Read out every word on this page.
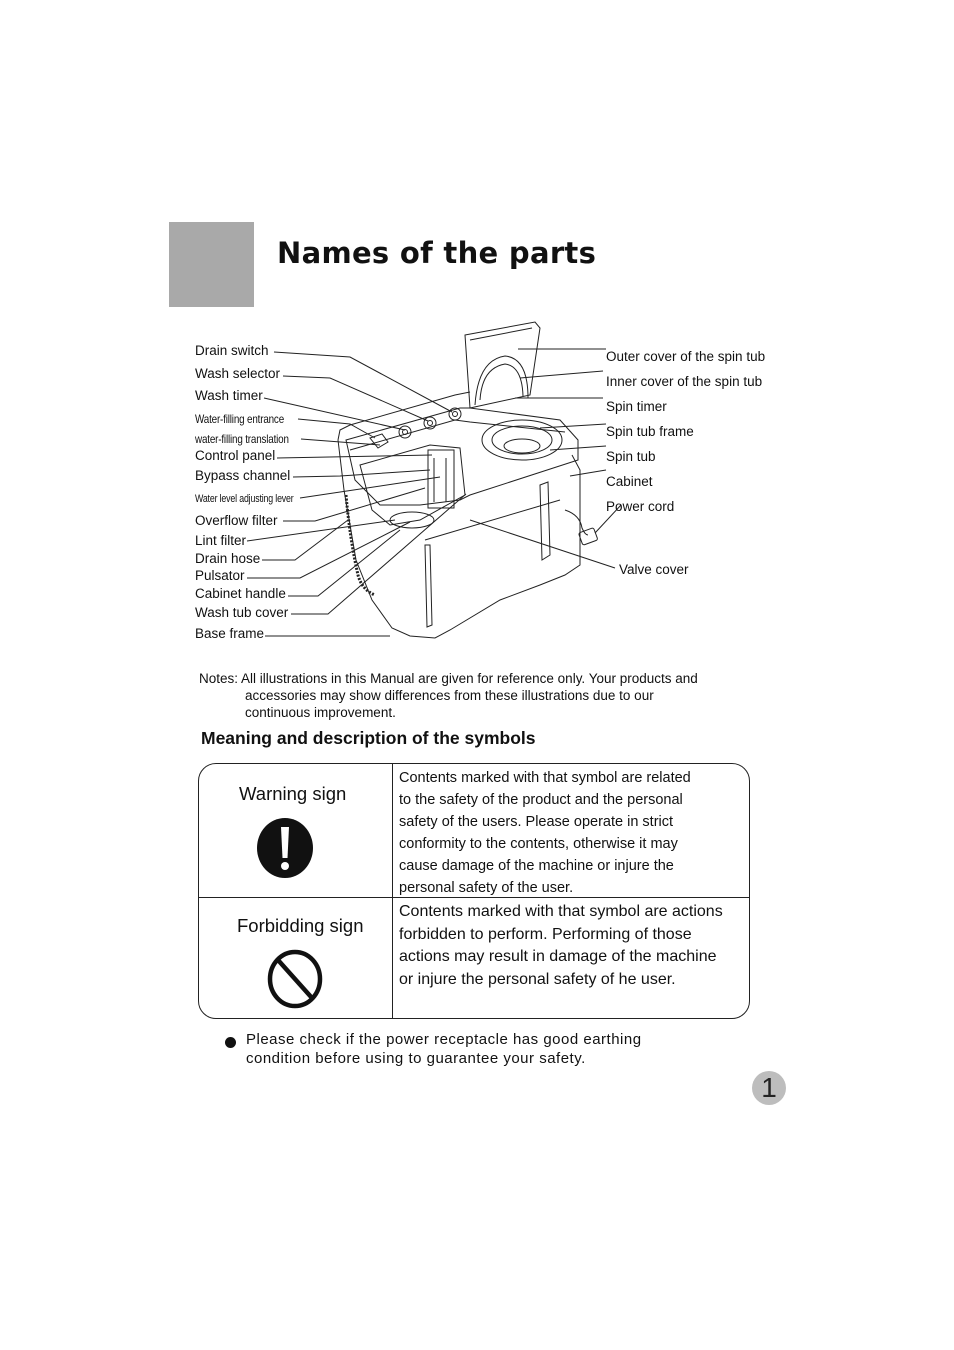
Names of the parts
Drain switch
Wash selector
Wash timer
Water-filling entrance
water-filling translation
Control panel
Bypass channel
Water level adjusting lever
Overflow filter
Lint filter
Drain hose
Pulsator
Cabinet handle
Wash tub cover
Base frame
Outer cover of the spin tub
Inner cover of the spin tub
Spin timer
Spin tub frame
Spin tub
Cabinet
Power cord
Valve cover
Notes: All illustrations in this Manual are given for reference only. Your products and
accessories may show differences from these illustrations due to our
continuous improvement.
Meaning and description of the symbols
Warning sign
Contents marked with that symbol are related
to the safety of the product and the personal
safety of the users. Please operate in strict
conformity to the contents, otherwise it may
cause damage of the machine or injure the
personal safety of the user.
Forbidding sign
Contents marked with that symbol are actions
forbidden to perform. Performing of those
actions may result in damage of the machine
or injure the personal safety of he user.
Please check if the power receptacle has good earthing
condition before using to guarantee your safety.
1
